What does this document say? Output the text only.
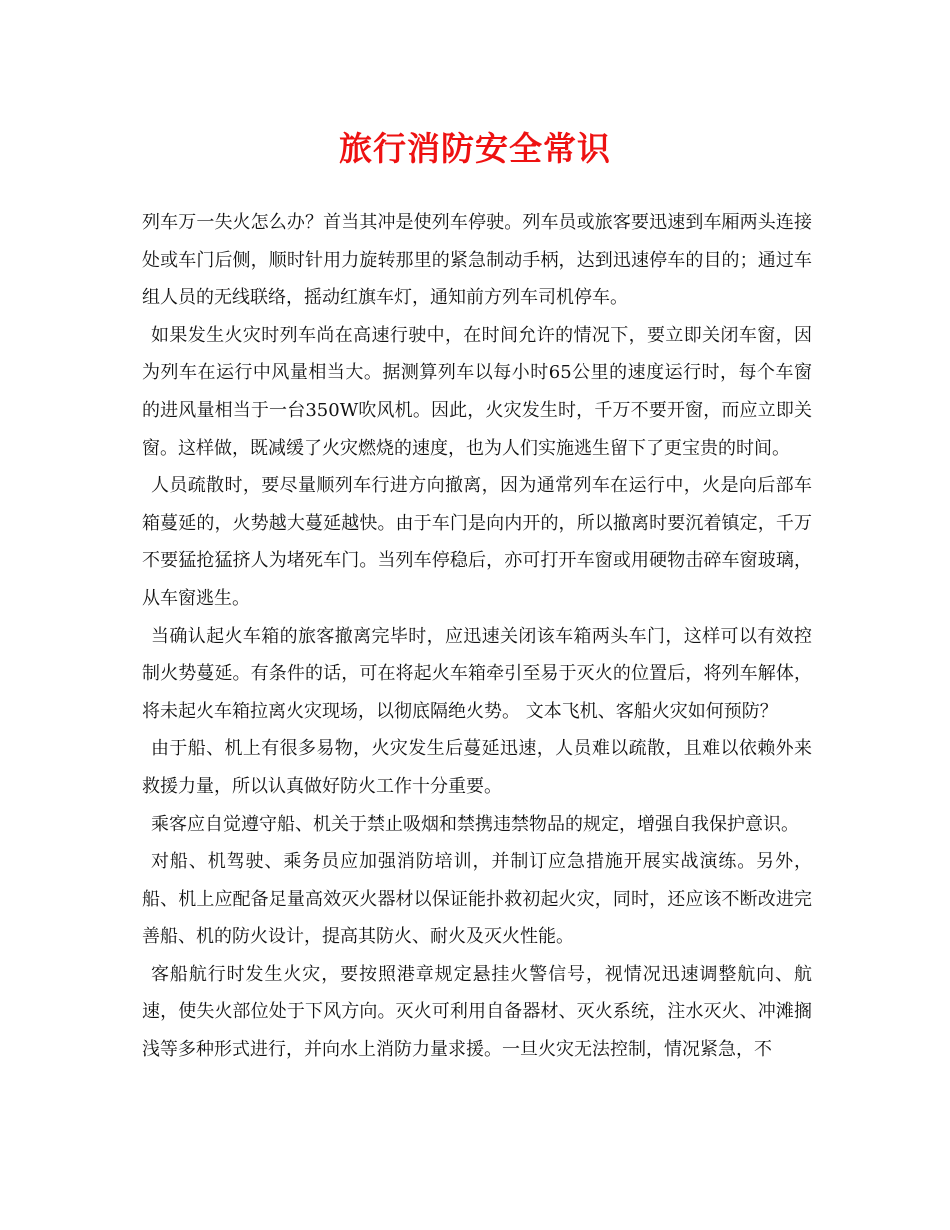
旅行消防安全常识

列车万一失火怎么办？首当其冲是使列车停驶。列车员或旅客要迅速到车厢两头连接处或车门后侧，顺时针用力旋转那里的紧急制动手柄，达到迅速停车的目的；通过车组人员的无线联络，摇动红旗车灯，通知前方列车司机停车。

如果发生火灾时列车尚在高速行驶中，在时间允许的情况下，要立即关闭车窗，因为列车在运行中风量相当大。据测算列车以每小时65公里的速度运行时，每个车窗的进风量相当于一台350W吹风机。因此，火灾发生时，千万不要开窗，而应立即关窗。这样做，既减缓了火灾燃烧的速度，也为人们实施逃生留下了更宝贵的时间。

人员疏散时，要尽量顺列车行进方向撤离，因为通常列车在运行中，火是向后部车箱蔓延的，火势越大蔓延越快。由于车门是向内开的，所以撤离时要沉着镇定，千万不要猛抢猛挤人为堵死车门。当列车停稳后，亦可打开车窗或用硬物击碎车窗玻璃，从车窗逃生。

当确认起火车箱的旅客撤离完毕时，应迅速关闭该车箱两头车门，这样可以有效控制火势蔓延。有条件的话，可在将起火车箱牵引至易于灭火的位置后，将列车解体，将未起火车箱拉离火灾现场，以彻底隔绝火势。 文本飞机、客船火灾如何预防？

由于船、机上有很多易物，火灾发生后蔓延迅速，人员难以疏散，且难以依赖外来救援力量，所以认真做好防火工作十分重要。

乘客应自觉遵守船、机关于禁止吸烟和禁携违禁物品的规定，增强自我保护意识。

对船、机驾驶、乘务员应加强消防培训，并制订应急措施开展实战演练。另外，船、机上应配备足量高效灭火器材以保证能扑救初起火灾，同时，还应该不断改进完善船、机的防火设计，提高其防火、耐火及灭火性能。

客船航行时发生火灾，要按照港章规定悬挂火警信号，视情况迅速调整航向、航速，使失火部位处于下风方向。灭火可利用自备器材、灭火系统，注水灭火、冲滩搁浅等多种形式进行，并向水上消防力量求援。一旦火灾无法控制，情况紧急，不
